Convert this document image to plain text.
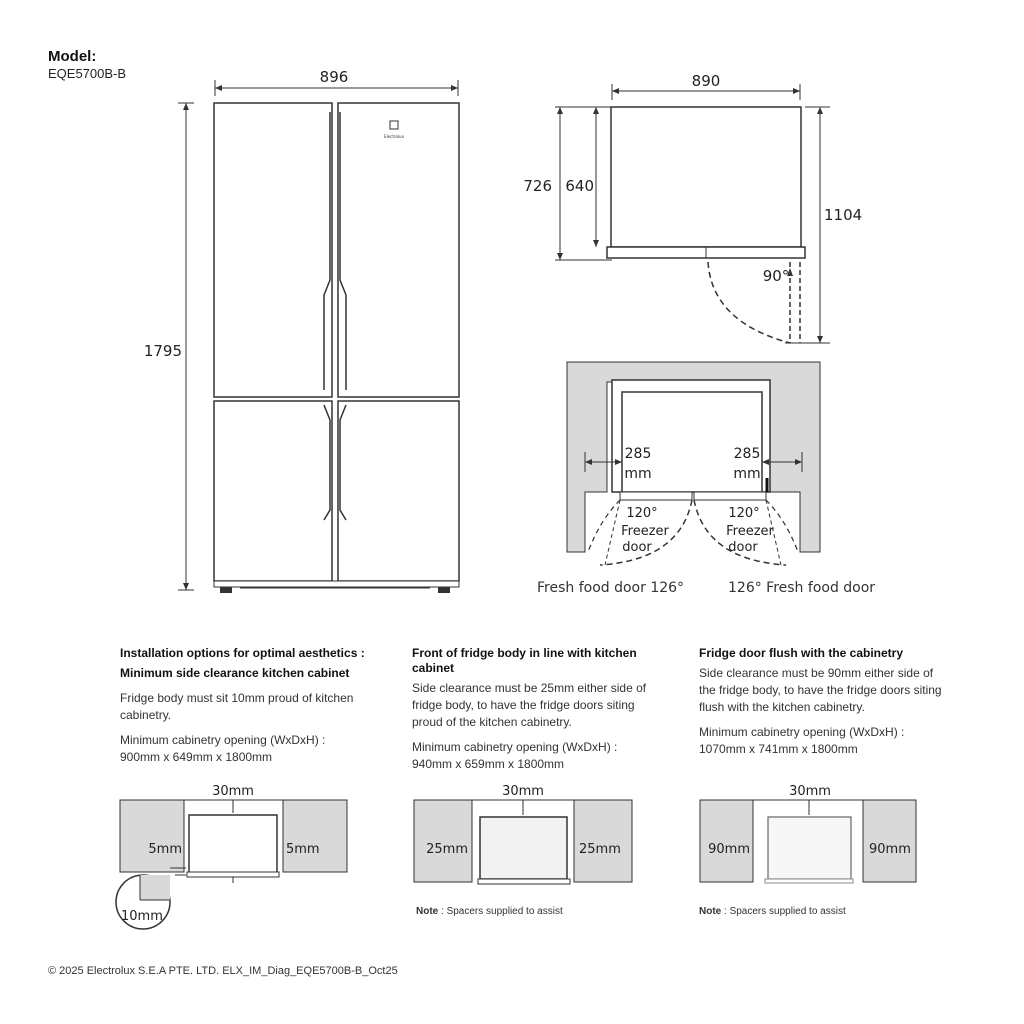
Model:
EQE5700B-B	896
1795
Electrolux
890
726 640
1104
90°
285
mm
285
mm
120°
Freezer
door
120°
Freezer
door
Fresh food door 126°	126° Fresh food door
Installation options for optimal aesthetics :

Minimum side clearance kitchen cabinet

Fridge body must sit 10mm proud of kitchen cabinetry.

Minimum cabinetry opening (WxDxH) :
900mm x 649mm x 1800mm
Front of fridge body in line with kitchen cabinet

Side clearance must be 25mm either side of fridge body, to have the fridge doors siting proud of the kitchen cabinetry.

Minimum cabinetry opening (WxDxH) :
940mm x 659mm x 1800mm
Fridge door flush with the cabinetry

Side clearance must be 90mm either side of the fridge body, to have the fridge doors siting flush with the kitchen cabinetry.

Minimum cabinetry opening (WxDxH) :
1070mm x 741mm x 1800mm
30mm
5mm	5mm
10mm
30mm
25mm	25mm
30mm
90mm	90mm
Note : Spacers supplied to assist	Note : Spacers supplied to assist
© 2025 Electrolux S.E.A PTE. LTD. ELX_IM_Diag_EQE5700B-B_Oct25
